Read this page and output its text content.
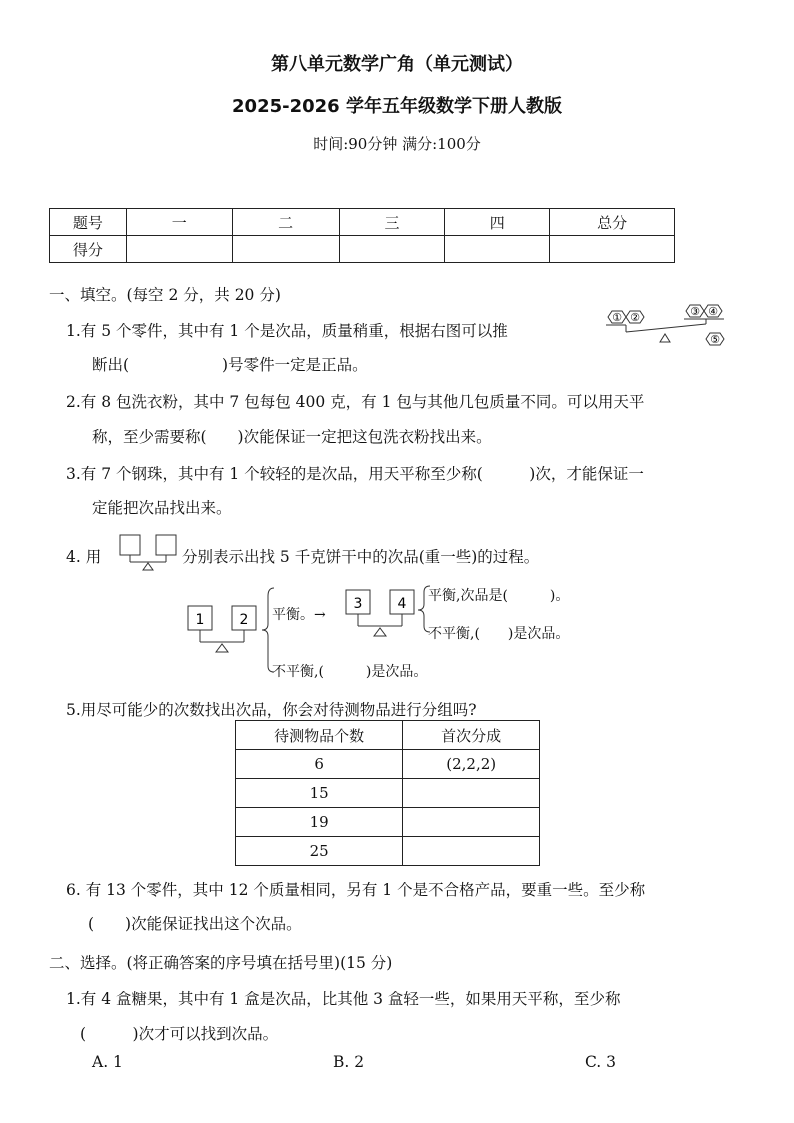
第八单元数学广角（单元测试）
2025-2026 学年五年级数学下册人教版
时间:90分钟 满分:100分
题号	一	二	三	四	总分
得分					
一、填空。(每空 2 分，共 20 分)
1.有 5 个零件，其中有 1 个是次品，质量稍重，根据右图可以推
断出(　　　　　　)号零件一定是正品。
① ②	③ ④
⑤
2.有 8 包洗衣粉，其中 7 包每包 400 克，有 1 包与其他几包质量不同。可以用天平
称，至少需要称(　　)次能保证一定把这包洗衣粉找出来。
3.有 7 个钢珠，其中有 1 个较轻的是次品，用天平称至少称(　　　)次，才能保证一
定能把次品找出来。
4. 用	分别表示出找 5 千克饼干中的次品(重一些)的过程。
1	2
3	4
平衡。→
不平衡,(　　　)是次品。
平衡,次品是(　　　)。
不平衡,(　　)是次品。
5.用尽可能少的次数找出次品，你会对待测物品进行分组吗?
待测物品个数	首次分成
6	(2,2,2)
15	
19	
25	
6. 有 13 个零件，其中 12 个质量相同，另有 1 个是不合格产品，要重一些。至少称
(　　)次能保证找出这个次品。
二、选择。(将正确答案的序号填在括号里)(15 分)
1.有 4 盒糖果，其中有 1 盒是次品，比其他 3 盒轻一些，如果用天平称，至少称
(　　　)次才可以找到次品。
A. 1	B. 2	C. 3
